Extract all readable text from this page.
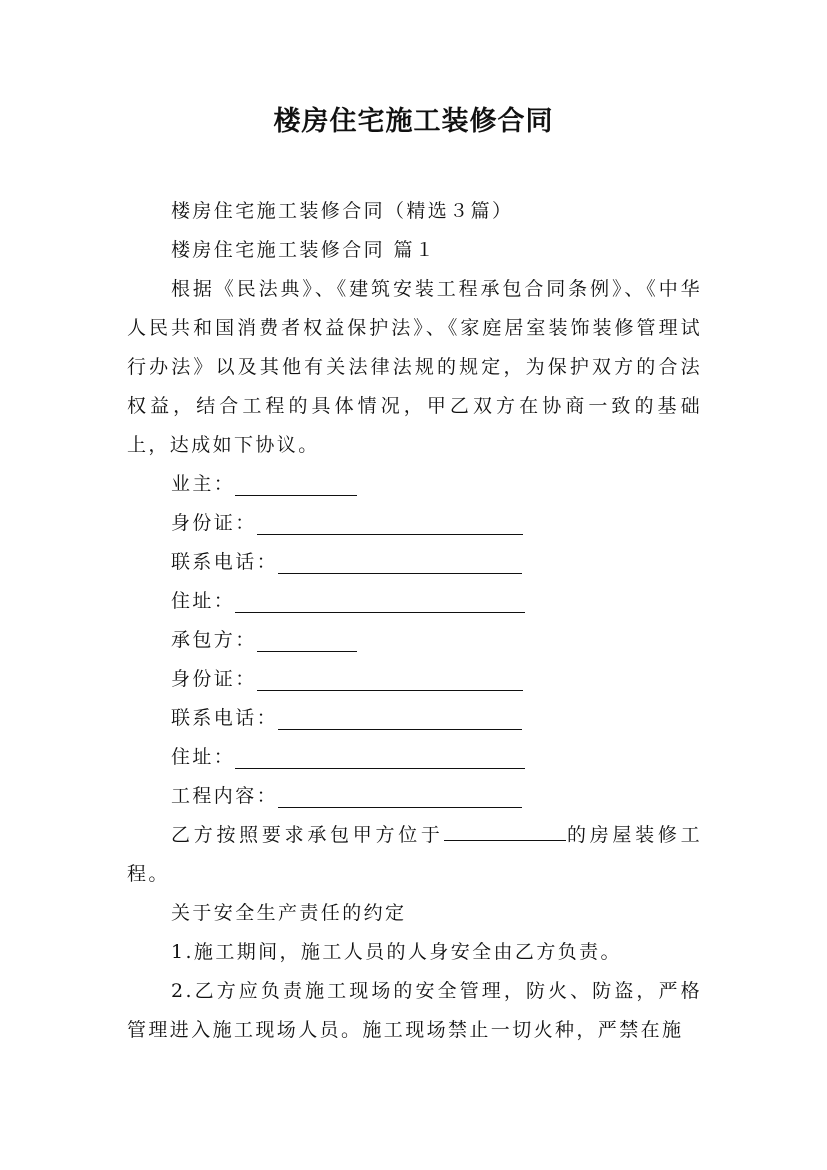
楼房住宅施工装修合同

楼房住宅施工装修合同（精选３篇）

楼房住宅施工装修合同 篇１

根据《民法典》、《建筑安装工程承包合同条例》、《中华人民共和国消费者权益保护法》、《家庭居室装饰装修管理试行办法》以及其他有关法律法规的规定，为保护双方的合法权益，结合工程的具体情况，甲乙双方在协商一致的基础上，达成如下协议。

业主：
身份证：
联系电话：
住址：
承包方：
身份证：
联系电话：
住址：
工程内容：

乙方按照要求承包甲方位于	的房屋装修工程。

关于安全生产责任的约定

1.施工期间，施工人员的人身安全由乙方负责。

2.乙方应负责施工现场的安全管理，防火、防盗，严格管理进入施工现场人员。施工现场禁止一切火种，严禁在施
